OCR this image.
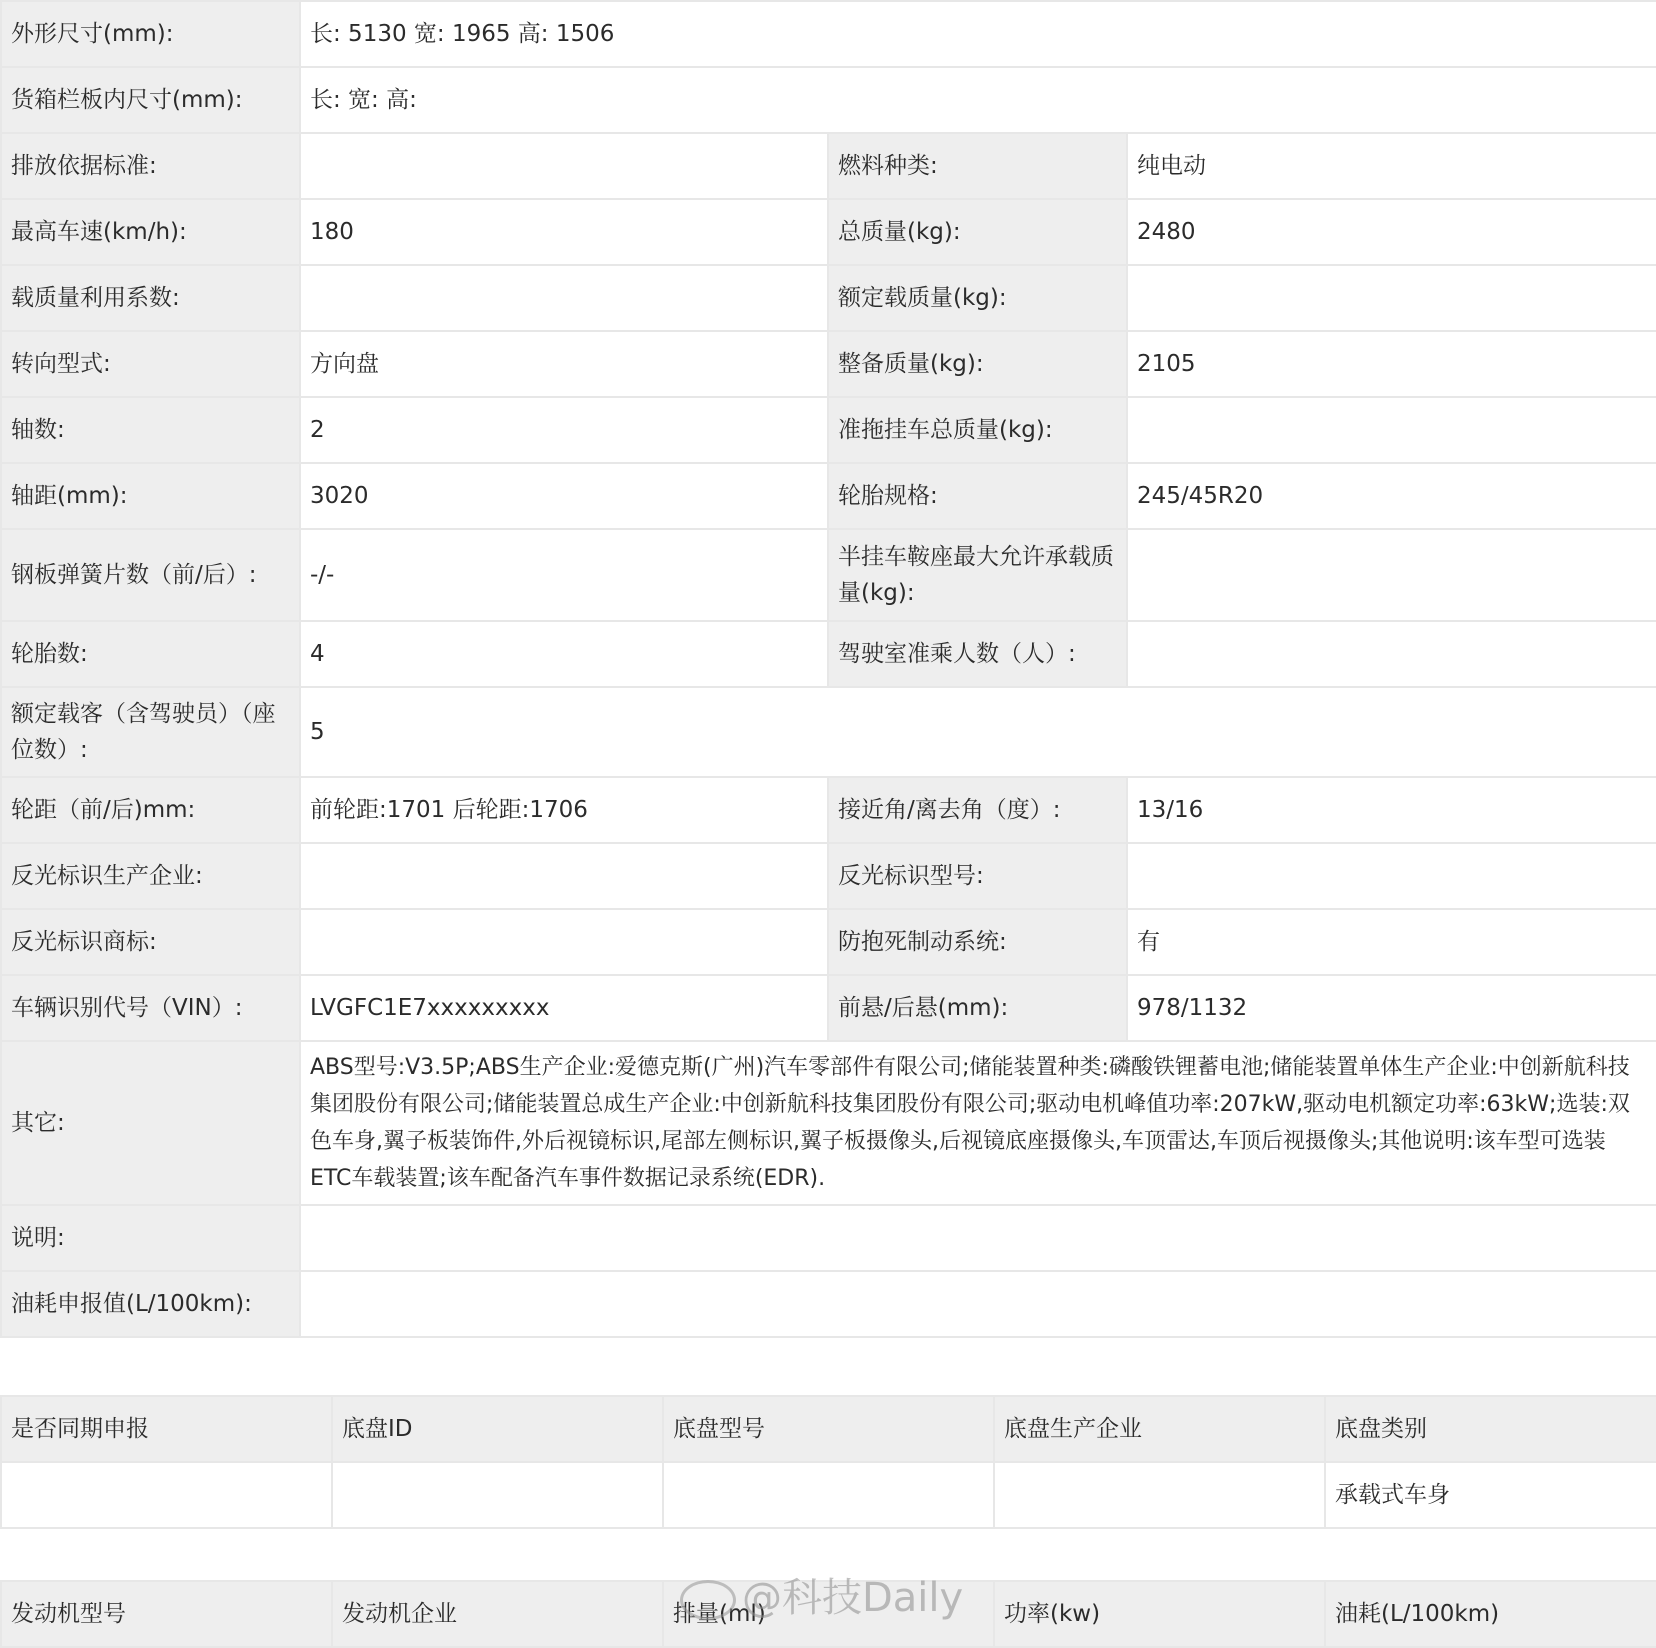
外形尺寸(mm):	长: 5130 宽: 1965 高: 1506		
货箱栏板内尺寸(mm):	长: 宽: 高:		
排放依据标准:		燃料种类:	纯电动
最高车速(km/h):	180	总质量(kg):	2480
载质量利用系数:		额定载质量(kg):	
转向型式:	方向盘	整备质量(kg):	2105
轴数:	2	准拖挂车总质量(kg):	
轴距(mm):	3020	轮胎规格:	245/45R20
钢板弹簧片数（前/后）:	-/-	半挂车鞍座最大允许承载质量(kg):	
轮胎数:	4	驾驶室准乘人数（人）:	
额定载客（含驾驶员）（座位数）:	5		
轮距（前/后)mm:	前轮距:1701 后轮距:1706	接近角/离去角（度）:	13/16
反光标识生产企业:		反光标识型号:	
反光标识商标:		防抱死制动系统:	有
车辆识别代号（VIN）:	LVGFC1E7xxxxxxxxx	前悬/后悬(mm):	978/1132
其它:	ABS型号:V3.5P;ABS生产企业:爱德克斯(广州)汽车零部件有限公司;储能装置种类:磷酸铁锂蓄电池;储能装置单体生产企业:中创新航科技集团股份有限公司;储能装置总成生产企业:中创新航科技集团股份有限公司;驱动电机峰值功率:207kW,驱动电机额定功率:63kW;选装:双色车身,翼子板装饰件,外后视镜标识,尾部左侧标识,翼子板摄像头,后视镜底座摄像头,车顶雷达,车顶后视摄像头;其他说明:该车型可选装ETC车载装置;该车配备汽车事件数据记录系统(EDR).		
说明:			
油耗申报值(L/100km):			
是否同期申报	底盘ID	底盘型号	底盘生产企业	底盘类别
				承载式车身
发动机型号	发动机企业	排量(ml)	功率(kw)	油耗(L/100km)
@科技Daily
